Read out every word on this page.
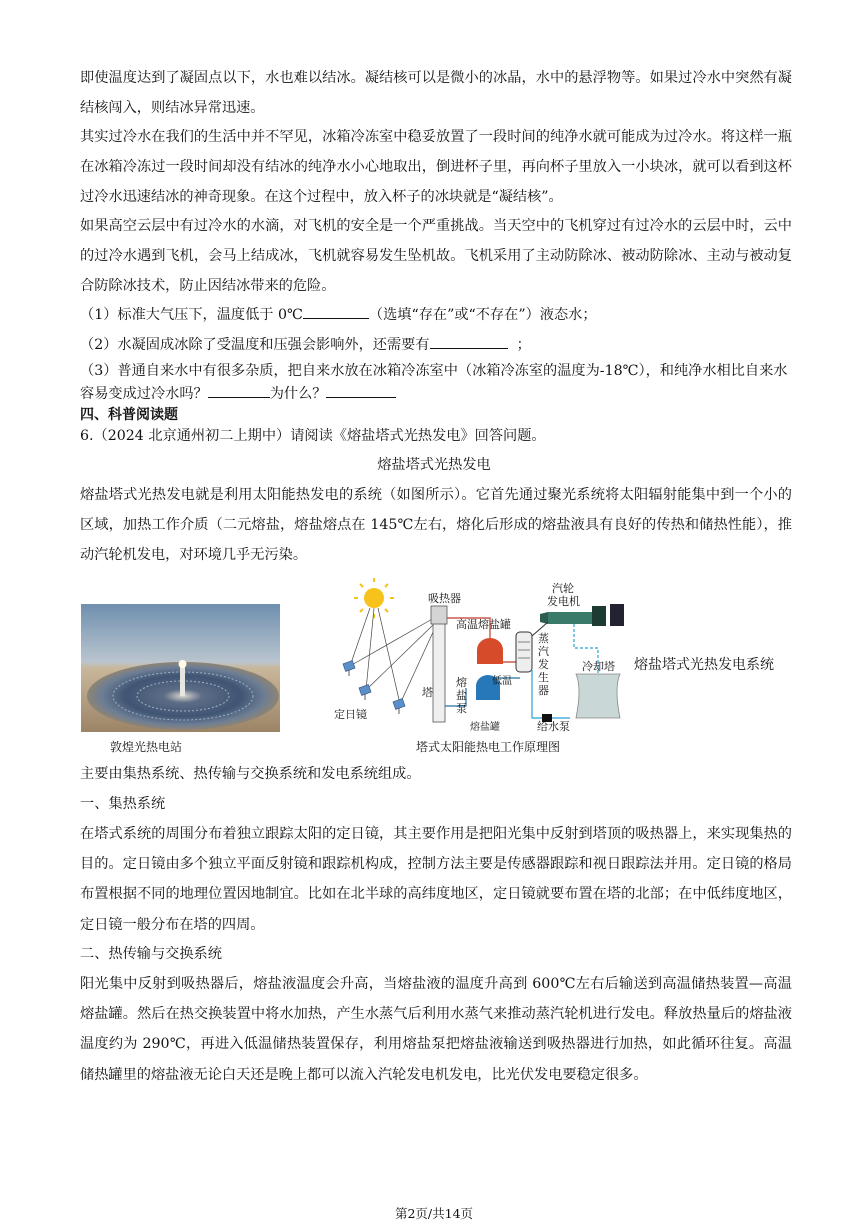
即使温度达到了凝固点以下，水也难以结冰。凝结核可以是微小的冰晶，水中的悬浮物等。如果过冷水中突然有凝结核闯入，则结冰异常迅速。

其实过冷水在我们的生活中并不罕见，冰箱冷冻室中稳妥放置了一段时间的纯净水就可能成为过冷水。将这样一瓶在冰箱冷冻过一段时间却没有结冰的纯净水小心地取出，倒进杯子里，再向杯子里放入一小块冰，就可以看到这杯过冷水迅速结冰的神奇现象。在这个过程中，放入杯子的冰块就是“凝结核”。

如果高空云层中有过冷水的水滴，对飞机的安全是一个严重挑战。当天空中的飞机穿过有过冷水的云层中时，云中的过冷水遇到飞机，会马上结成冰，飞机就容易发生坠机故。飞机采用了主动防除冰、被动防除冰、主动与被动复合防除冰技术，防止因结冰带来的危险。

（1）标准大气压下，温度低于 0℃	（选填“存在”或“不存在”）液态水；
（2）水凝固成冰除了受温度和压强会影响外，还需要有	；
（3）普通自来水中有很多杂质，把自来水放在冰箱冷冻室中（冰箱冷冻室的温度为-18℃），和纯净水相比自来水容易变成过冷水吗？	为什么？
四、科普阅读题
6.（2024 北京通州初二上期中）请阅读《熔盐塔式光热发电》回答问题。
熔盐塔式光热发电

熔盐塔式光热发电就是利用太阳能热发电的系统（如图所示）。它首先通过聚光系统将太阳辐射能集中到一个小的区域，加热工作介质（二元熔盐，熔盐熔点在 145℃左右，熔化后形成的熔盐液具有良好的传热和储热性能），推动汽轮机发电，对环境几乎无污染。

敦煌光热电站
吸热器
汽轮
发电机
高温熔盐罐
塔
低温
熔盐罐
冷却塔
给水泵
定日镜
蒸汽发生器
熔盐泵
塔式太阳能热电工作原理图
熔盐塔式光热发电系统

主要由集热系统、热传输与交换系统和发电系统组成。

一、集热系统

在塔式系统的周围分布着独立跟踪太阳的定日镜，其主要作用是把阳光集中反射到塔顶的吸热器上，来实现集热的目的。定日镜由多个独立平面反射镜和跟踪机构成，控制方法主要是传感器跟踪和视日跟踪法并用。定日镜的格局布置根据不同的地理位置因地制宜。比如在北半球的高纬度地区，定日镜就要布置在塔的北部；在中低纬度地区，定日镜一般分布在塔的四周。

二、热传输与交换系统

阳光集中反射到吸热器后，熔盐液温度会升高，当熔盐液的温度升高到 600℃左右后输送到高温储热装置—高温熔盐罐。然后在热交换装置中将水加热，产生水蒸气后利用水蒸气来推动蒸汽轮机进行发电。释放热量后的熔盐液温度约为 290℃，再进入低温储热装置保存，利用熔盐泵把熔盐液输送到吸热器进行加热，如此循环往复。高温储热罐里的熔盐液无论白天还是晚上都可以流入汽轮发电机发电，比光伏发电要稳定很多。

第2页/共14页
